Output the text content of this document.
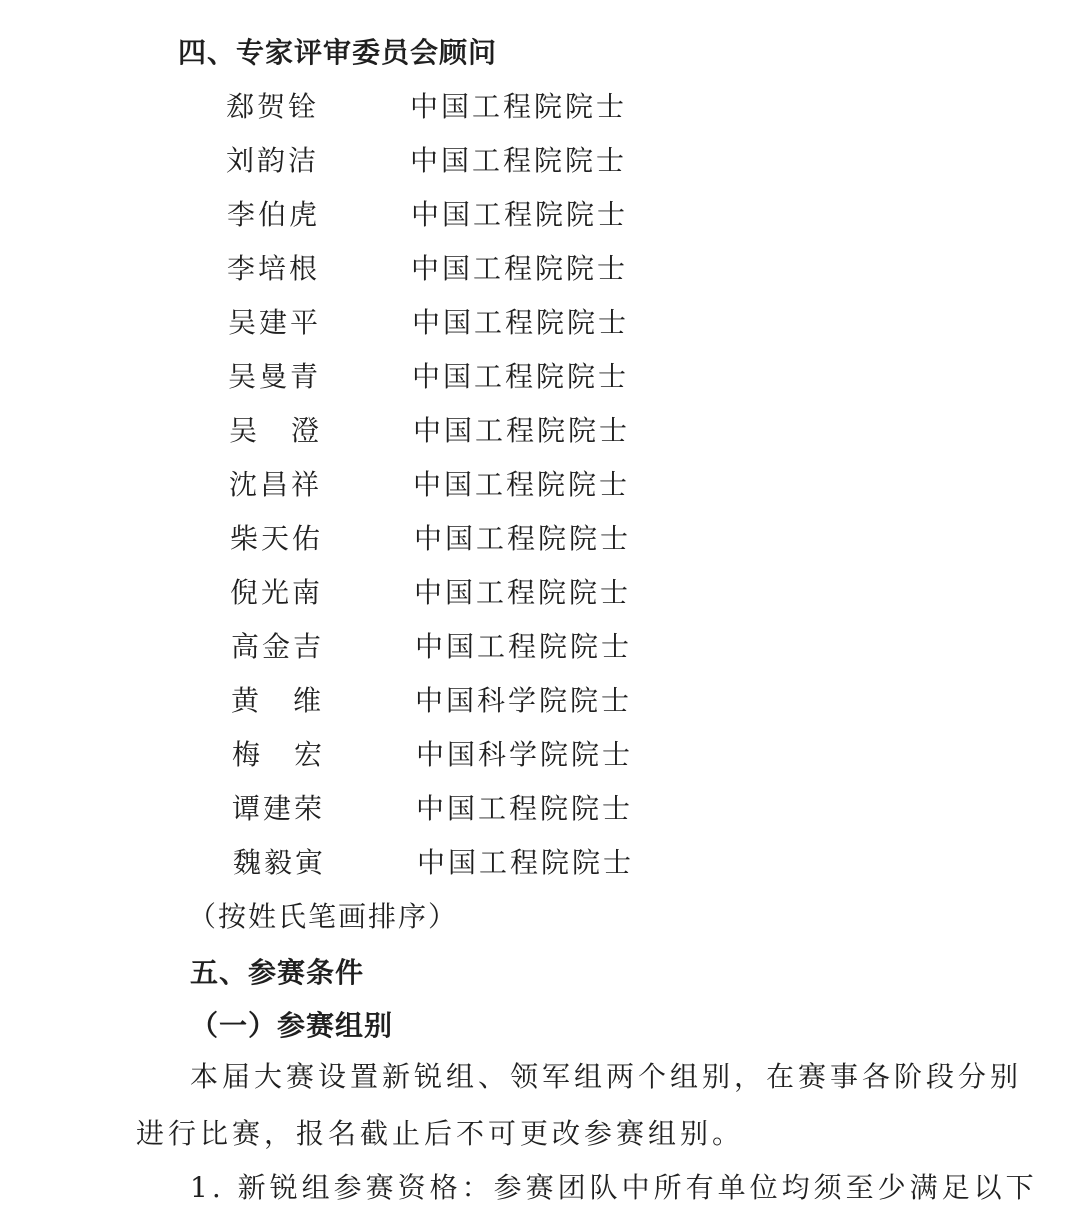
四、专家评审委员会顾问
郄贺铨	中国工程院院士
刘韵洁	中国工程院院士
李伯虎	中国工程院院士
李培根	中国工程院院士
吴建平	中国工程院院士
吴曼青	中国工程院院士
吴　澄	中国工程院院士
沈昌祥	中国工程院院士
柴天佑	中国工程院院士
倪光南	中国工程院院士
高金吉	中国工程院院士
黄　维	中国科学院院士
梅　宏	中国科学院院士
谭建荣	中国工程院院士
魏毅寅	中国工程院院士
（按姓氏笔画排序）
五、参赛条件
（一）参赛组别
本届大赛设置新锐组、领军组两个组别，在赛事各阶段分别
进行比赛，报名截止后不可更改参赛组别。
1. 新锐组参赛资格：参赛团队中所有单位均须至少满足以下
